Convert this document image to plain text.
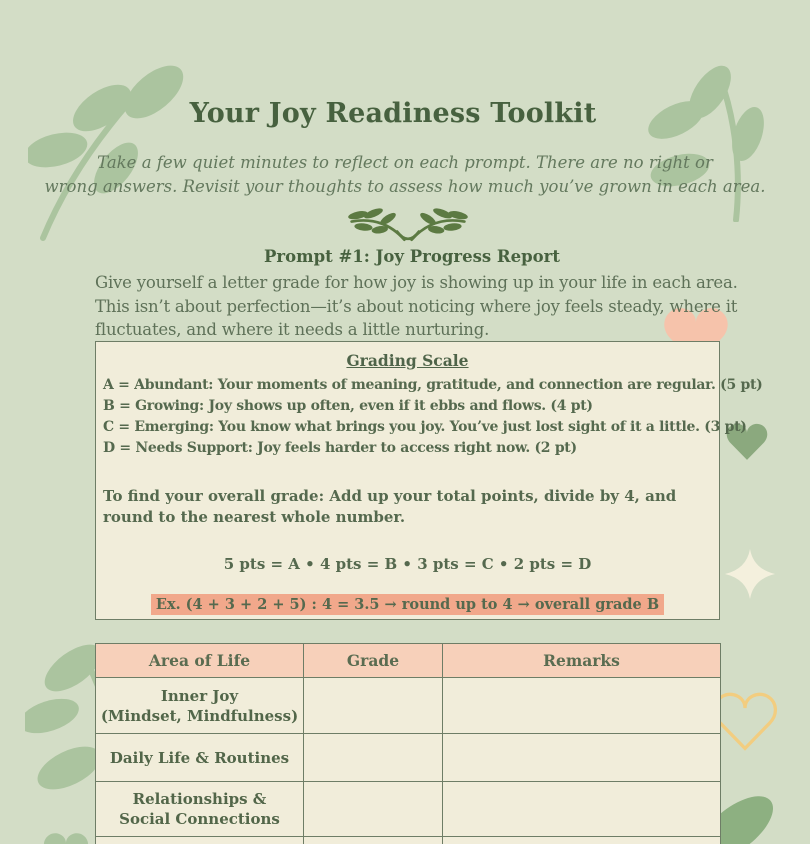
Your Joy Readiness Toolkit
Take a few quiet minutes to reflect on each prompt. There are no right or
wrong answers. Revisit your thoughts to assess how much you’ve grown in each area.
Prompt #1: Joy Progress Report
Give yourself a letter grade for how joy is showing up in your life in each area.
This isn’t about perfection—it’s about noticing where joy feels steady, where it
fluctuates, and where it needs a little nurturing.
Grading Scale
A = Abundant: Your moments of meaning, gratitude, and connection are regular. (5 pt)
B = Growing: Joy shows up often, even if it ebbs and flows. (4 pt)
C = Emerging: You know what brings you joy. You’ve just lost sight of it a little. (3 pt)
D = Needs Support: Joy feels harder to access right now. (2 pt)
To find your overall grade: Add up your total points, divide by 4, and round to the nearest whole number.
5 pts = A • 4 pts = B • 3 pts = C • 2 pts = D
Ex. (4 + 3 + 2 + 5) : 4 = 3.5 → round up to 4 → overall grade B
Area of Life	Grade	Remarks
Inner Joy
(Mindset, Mindfulness)		
Daily Life & Routines		
Relationships &
Social Connections		
